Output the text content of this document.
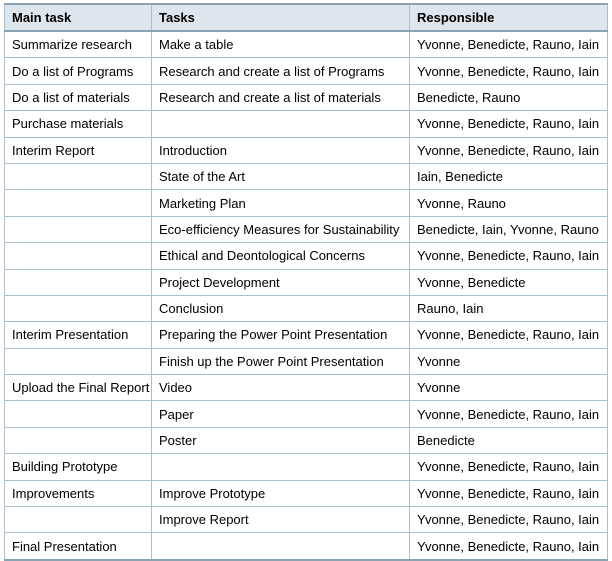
Main task	Tasks	Responsible
Summarize research	Make a table	Yvonne, Benedicte, Rauno, Iain
Do a list of Programs	Research and create a list of Programs	Yvonne, Benedicte, Rauno, Iain
Do a list of materials	Research and create a list of materials	Benedicte, Rauno
Purchase materials		Yvonne, Benedicte, Rauno, Iain
Interim Report	Introduction	Yvonne, Benedicte, Rauno, Iain
	State of the Art	Iain, Benedicte
	Marketing Plan	Yvonne, Rauno
	Eco-efficiency Measures for Sustainability	Benedicte, Iain, Yvonne, Rauno
	Ethical and Deontological Concerns	Yvonne, Benedicte, Rauno, Iain
	Project Development	Yvonne, Benedicte
	Conclusion	Rauno, Iain
Interim Presentation	Preparing the Power Point Presentation	Yvonne, Benedicte, Rauno, Iain
	Finish up the Power Point Presentation	Yvonne
Upload the Final Report	Video	Yvonne
	Paper	Yvonne, Benedicte, Rauno, Iain
	Poster	Benedicte
Building Prototype		Yvonne, Benedicte, Rauno, Iain
Improvements	Improve Prototype	Yvonne, Benedicte, Rauno, Iain
	Improve Report	Yvonne, Benedicte, Rauno, Iain
Final Presentation		Yvonne, Benedicte, Rauno, Iain
